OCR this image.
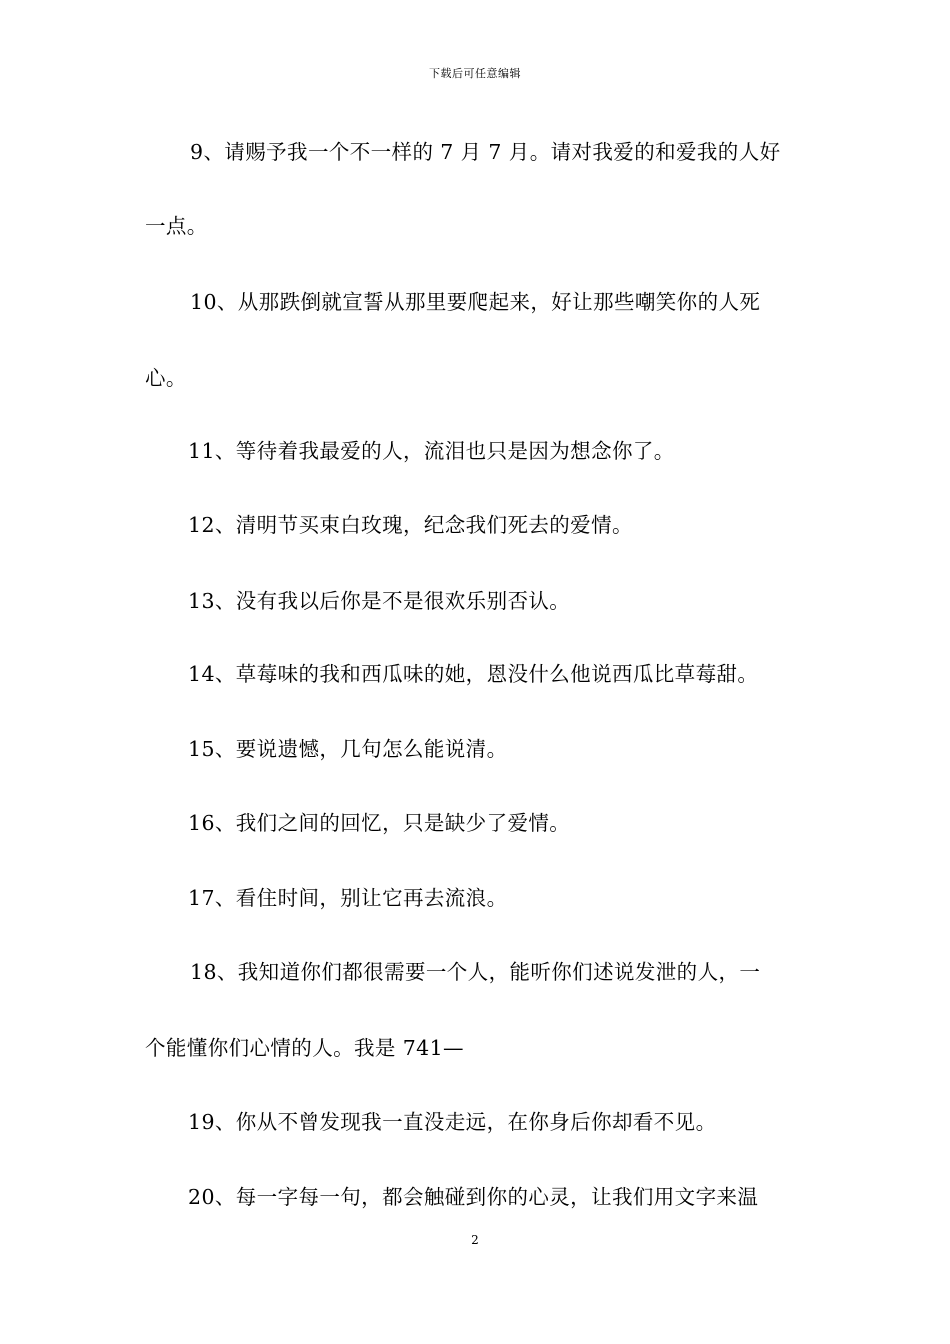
下载后可任意编辑
9、请赐予我一个不一样的 7 月 7 月。请对我爱的和爱我的人好
一点。
10、从那跌倒就宣誓从那里要爬起来，好让那些嘲笑你的人死
心。
11、等待着我最爱的人，流泪也只是因为想念你了。
12、清明节买束白玫瑰，纪念我们死去的爱情。
13、没有我以后你是不是很欢乐别否认。
14、草莓味的我和西瓜味的她，恩没什么他说西瓜比草莓甜。
15、要说遗憾，几句怎么能说清。
16、我们之间的回忆，只是缺少了爱情。
17、看住时间，别让它再去流浪。
18、我知道你们都很需要一个人，能听你们述说发泄的人，一
个能懂你们心情的人。我是 741—
19、你从不曾发现我一直没走远，在你身后你却看不见。
20、每一字每一句，都会触碰到你的心灵，让我们用文字来温
2
